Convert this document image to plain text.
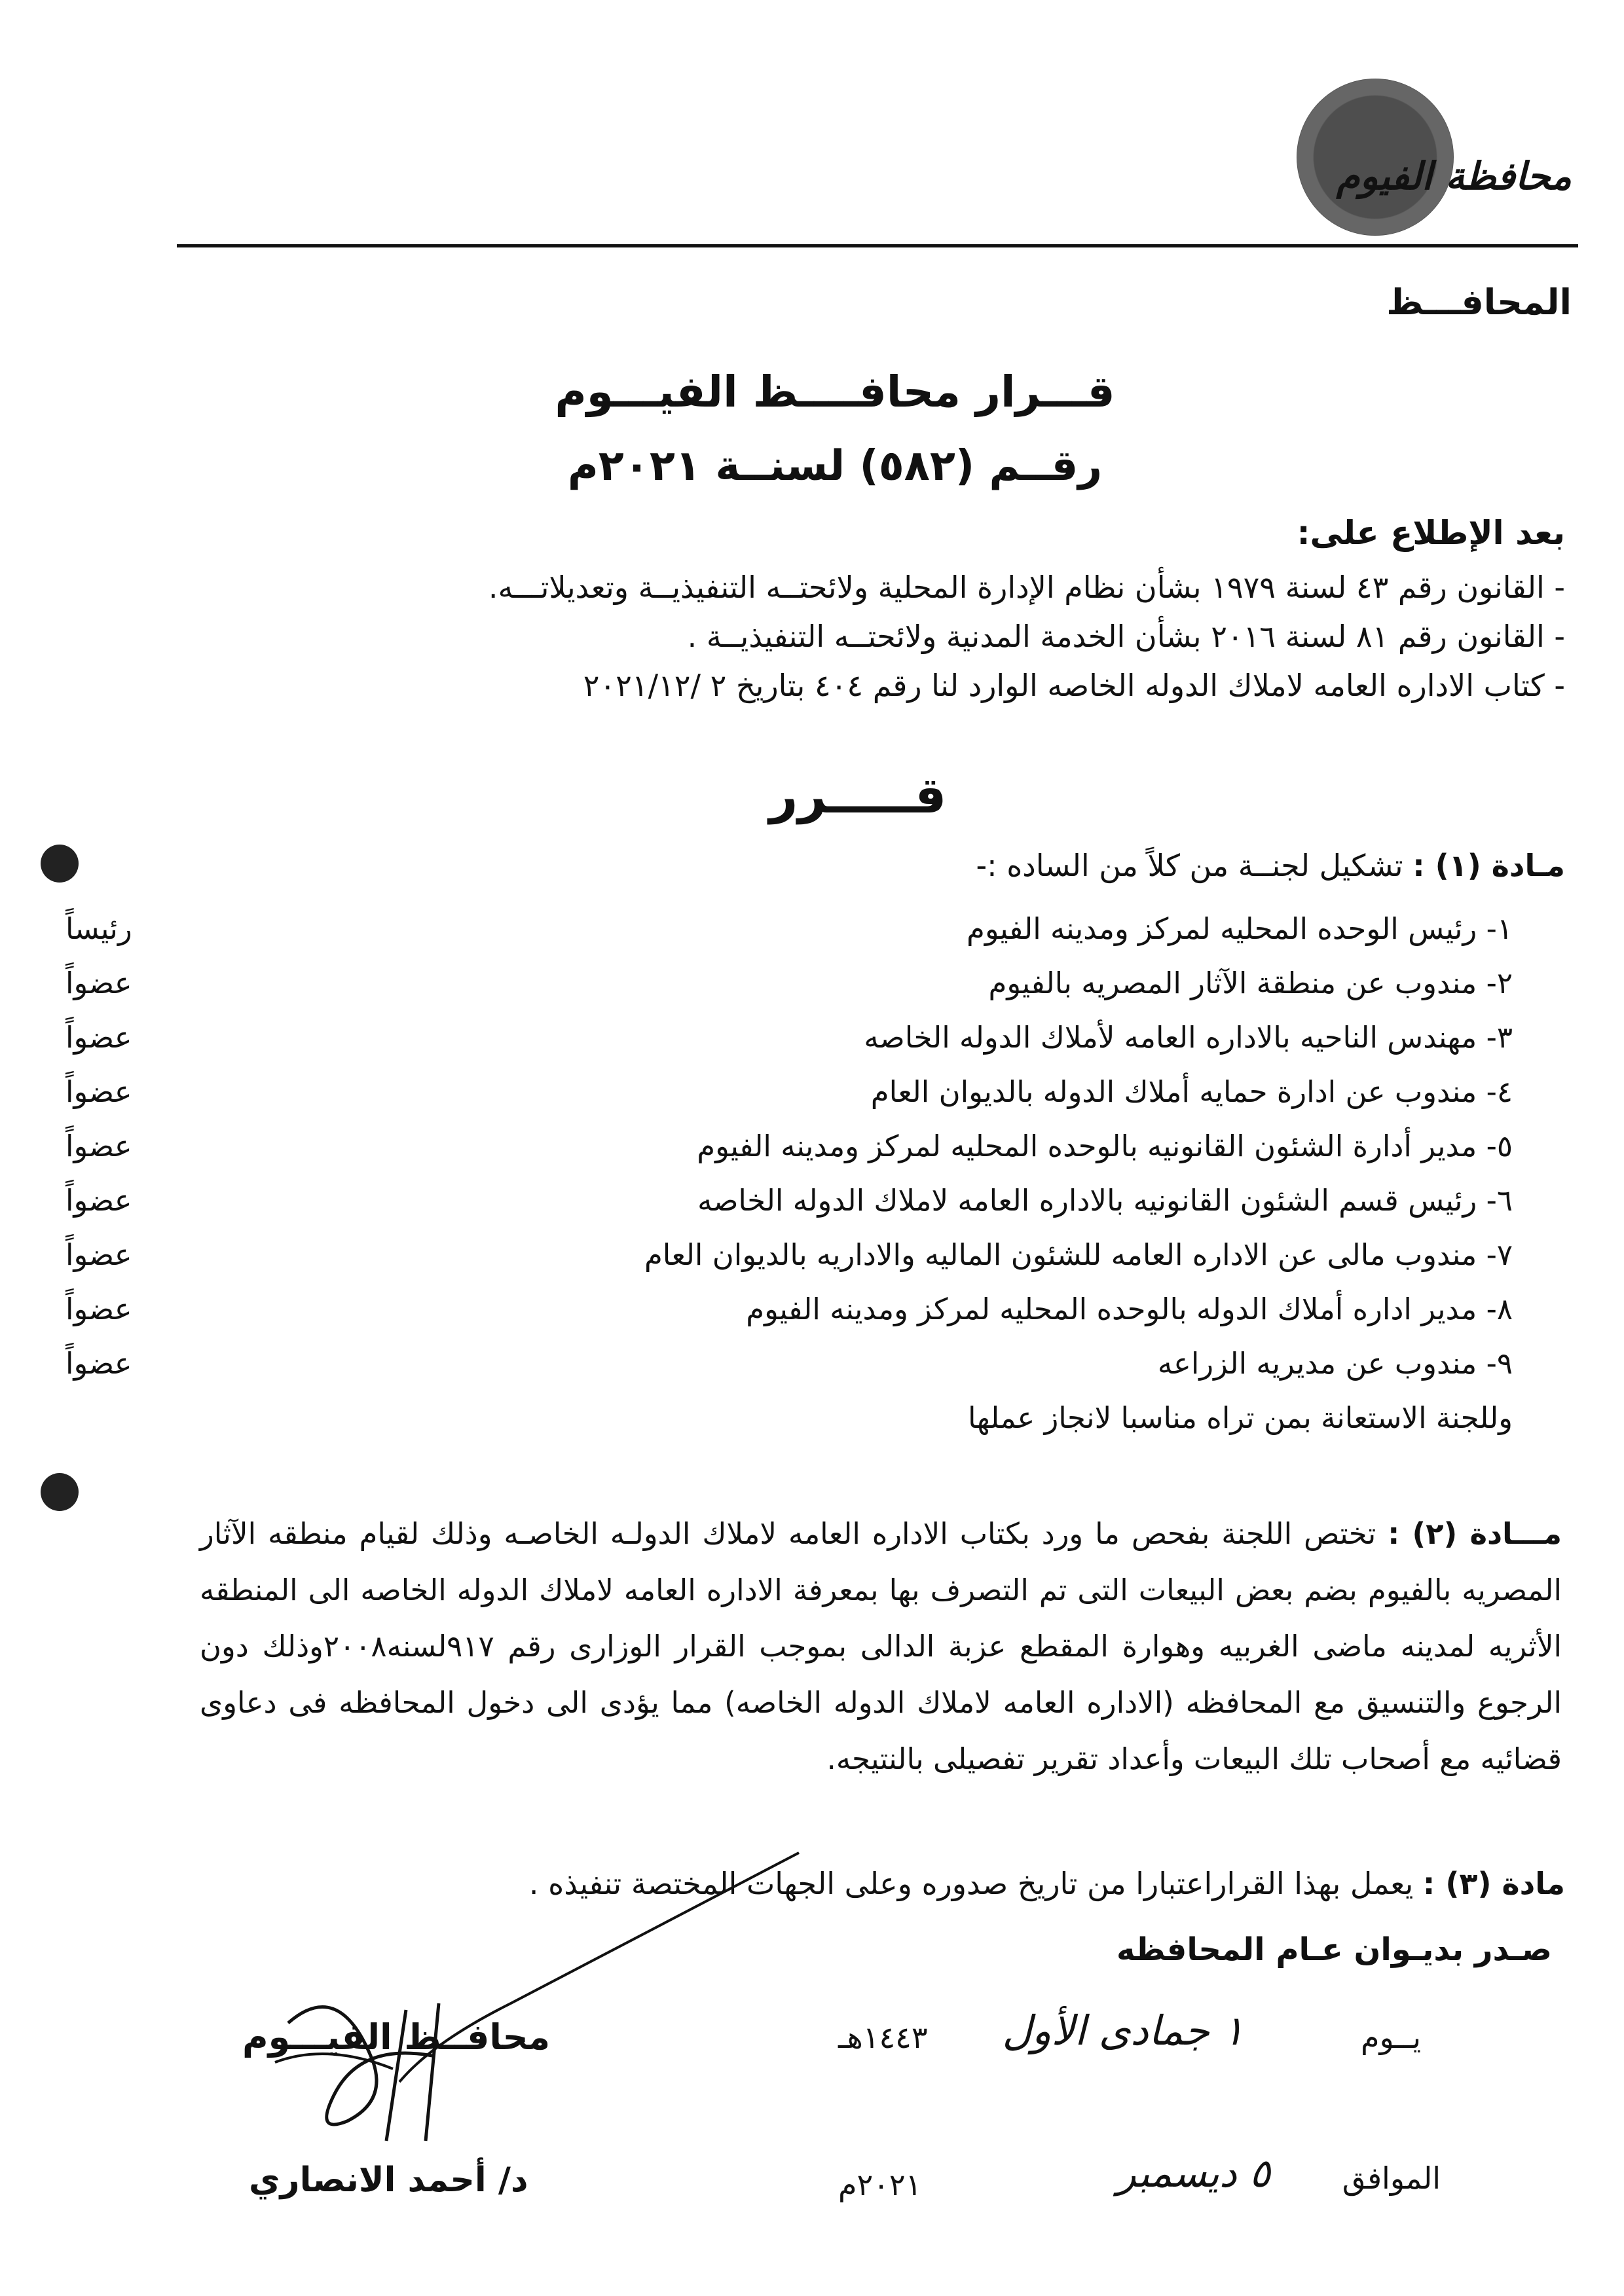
محافظة الفيوم
المحافـــظ
قـــرار محافــــظ الفيـــوم
رقــم (٥٨٢) لسنــة ٢٠٢١م
بعد الإطلاع على:
- القانون رقم ٤٣ لسنة ١٩٧٩ بشأن نظام الإدارة المحلية ولائحتــه التنفيذيــة وتعديلاتـــه.
- القانون رقم ٨١ لسنة ٢٠١٦ بشأن الخدمة المدنية ولائحتــه التنفيذيــة .
- كتاب الاداره العامه لاملاك الدوله الخاصه الوارد لنا رقم ٤٠٤ بتاريخ ٢ /٢٠٢١/١٢
قـــــرر
مـادة (١) : تشكيل لجنــة من كلاً من الساده :-
١- رئيس الوحده المحليه لمركز ومدينه الفيوم
رئيساً
٢- مندوب عن منطقة الآثار المصريه بالفيوم
عضواً
٣- مهندس الناحيه بالاداره العامه لأملاك الدوله الخاصه
عضواً
٤- مندوب عن ادارة حمايه أملاك الدوله بالديوان العام
عضواً
٥- مدير أدارة الشئون القانونيه بالوحده المحليه لمركز ومدينه الفيوم
عضواً
٦- رئيس قسم الشئون القانونيه بالاداره العامه لاملاك الدوله الخاصه
عضواً
٧- مندوب مالى عن الاداره العامه للشئون الماليه والاداريه بالديوان العام
عضواً
٨- مدير اداره أملاك الدوله بالوحده المحليه لمركز ومدينه الفيوم
عضواً
٩- مندوب عن مديريه الزراعه
عضواً
وللجنة الاستعانة بمن تراه مناسبا لانجاز عملها
مـــادة (٢) : تختص اللجنة بفحص ما ورد بكتاب الاداره العامه لاملاك الدولـه الخاصـه وذلك لقيام منطقه الآثار المصريه بالفيوم بضم بعض البيعات التى تم التصرف بها بمعرفة الاداره العامه لاملاك الدوله الخاصه الى المنطقه الأثريه لمدينه ماضى الغربيه وهوارة المقطع عزبة الدالى بموجب القرار الوزارى رقم ٩١٧لسنه٢٠٠٨وذلك دون الرجوع والتنسيق مع المحافظه (الاداره العامه لاملاك الدوله الخاصه) مما يؤدى الى دخول المحافظه فى دعاوى قضائيه مع أصحاب تلك البيعات وأعداد تقرير تفصيلى بالنتيجه.
مادة (٣) : يعمل بهذا القراراعتبارا من تاريخ صدوره وعلى الجهات المختصة تنفيذه .
صـدر بديـوان عـام المحافظه
يــوم
١ جمادى الأول
١٤٤٣هـ
الموافق
٥ ديسمبر
٢٠٢١م
محافــظ الفيـــوم
د/ أحمد الانصاري
